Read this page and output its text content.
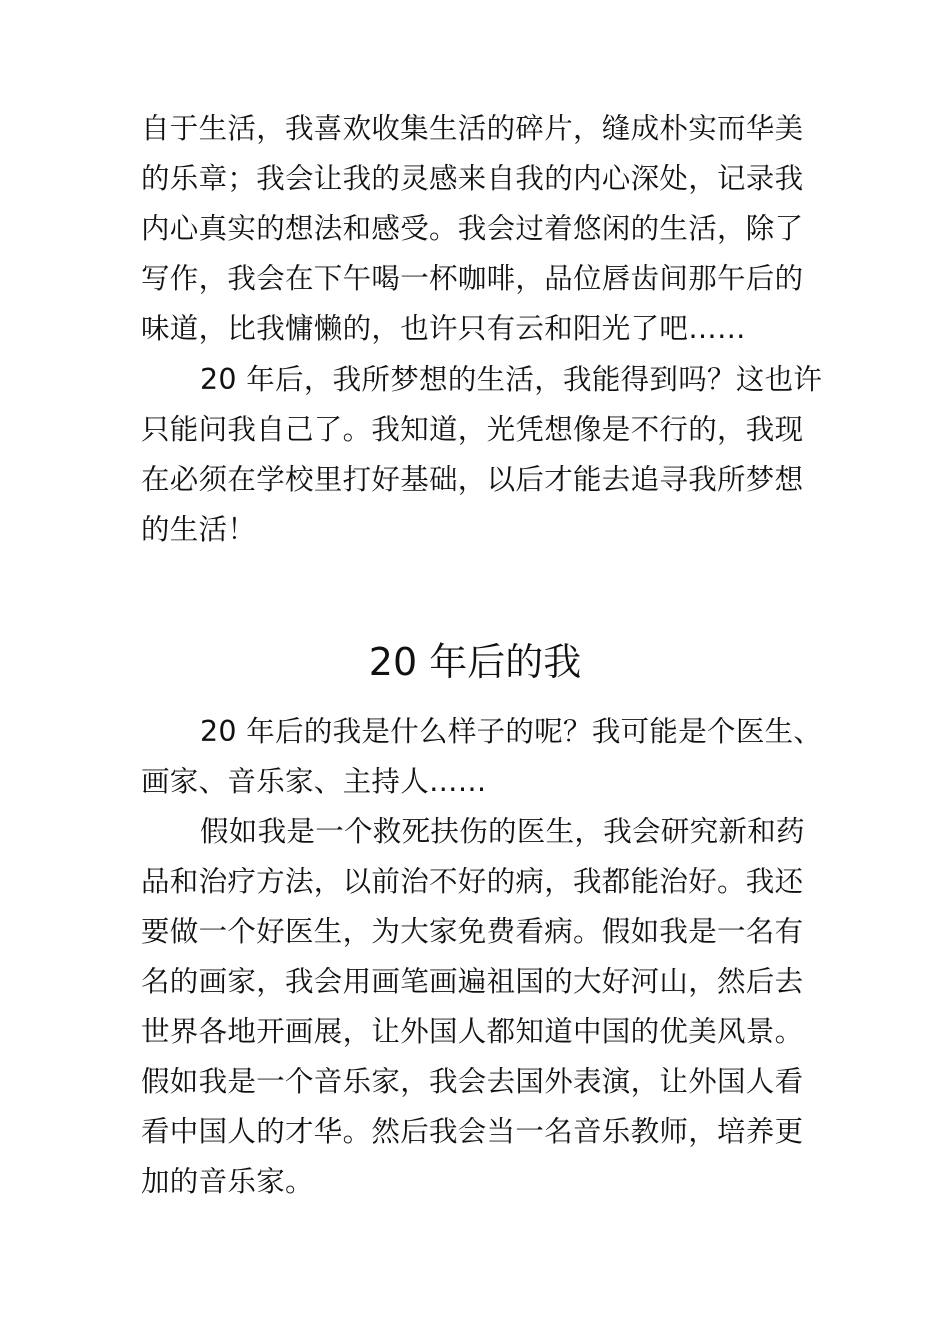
自于生活，我喜欢收集生活的碎片，缝成朴实而华美
的乐章；我会让我的灵感来自我的内心深处，记录我
内心真实的想法和感受。我会过着悠闲的生活，除了
写作，我会在下午喝一杯咖啡，品位唇齿间那午后的
味道，比我慵懒的，也许只有云和阳光了吧……
20 年后，我所梦想的生活，我能得到吗？这也许
只能问我自己了。我知道，光凭想像是不行的，我现
在必须在学校里打好基础，以后才能去追寻我所梦想
的生活！
20 年后的我
20 年后的我是什么样子的呢？我可能是个医生、
画家、音乐家、主持人……
假如我是一个救死扶伤的医生，我会研究新和药
品和治疗方法，以前治不好的病，我都能治好。我还
要做一个好医生，为大家免费看病。假如我是一名有
名的画家，我会用画笔画遍祖国的大好河山，然后去
世界各地开画展，让外国人都知道中国的优美风景。
假如我是一个音乐家，我会去国外表演，让外国人看
看中国人的才华。然后我会当一名音乐教师，培养更
加的音乐家。
